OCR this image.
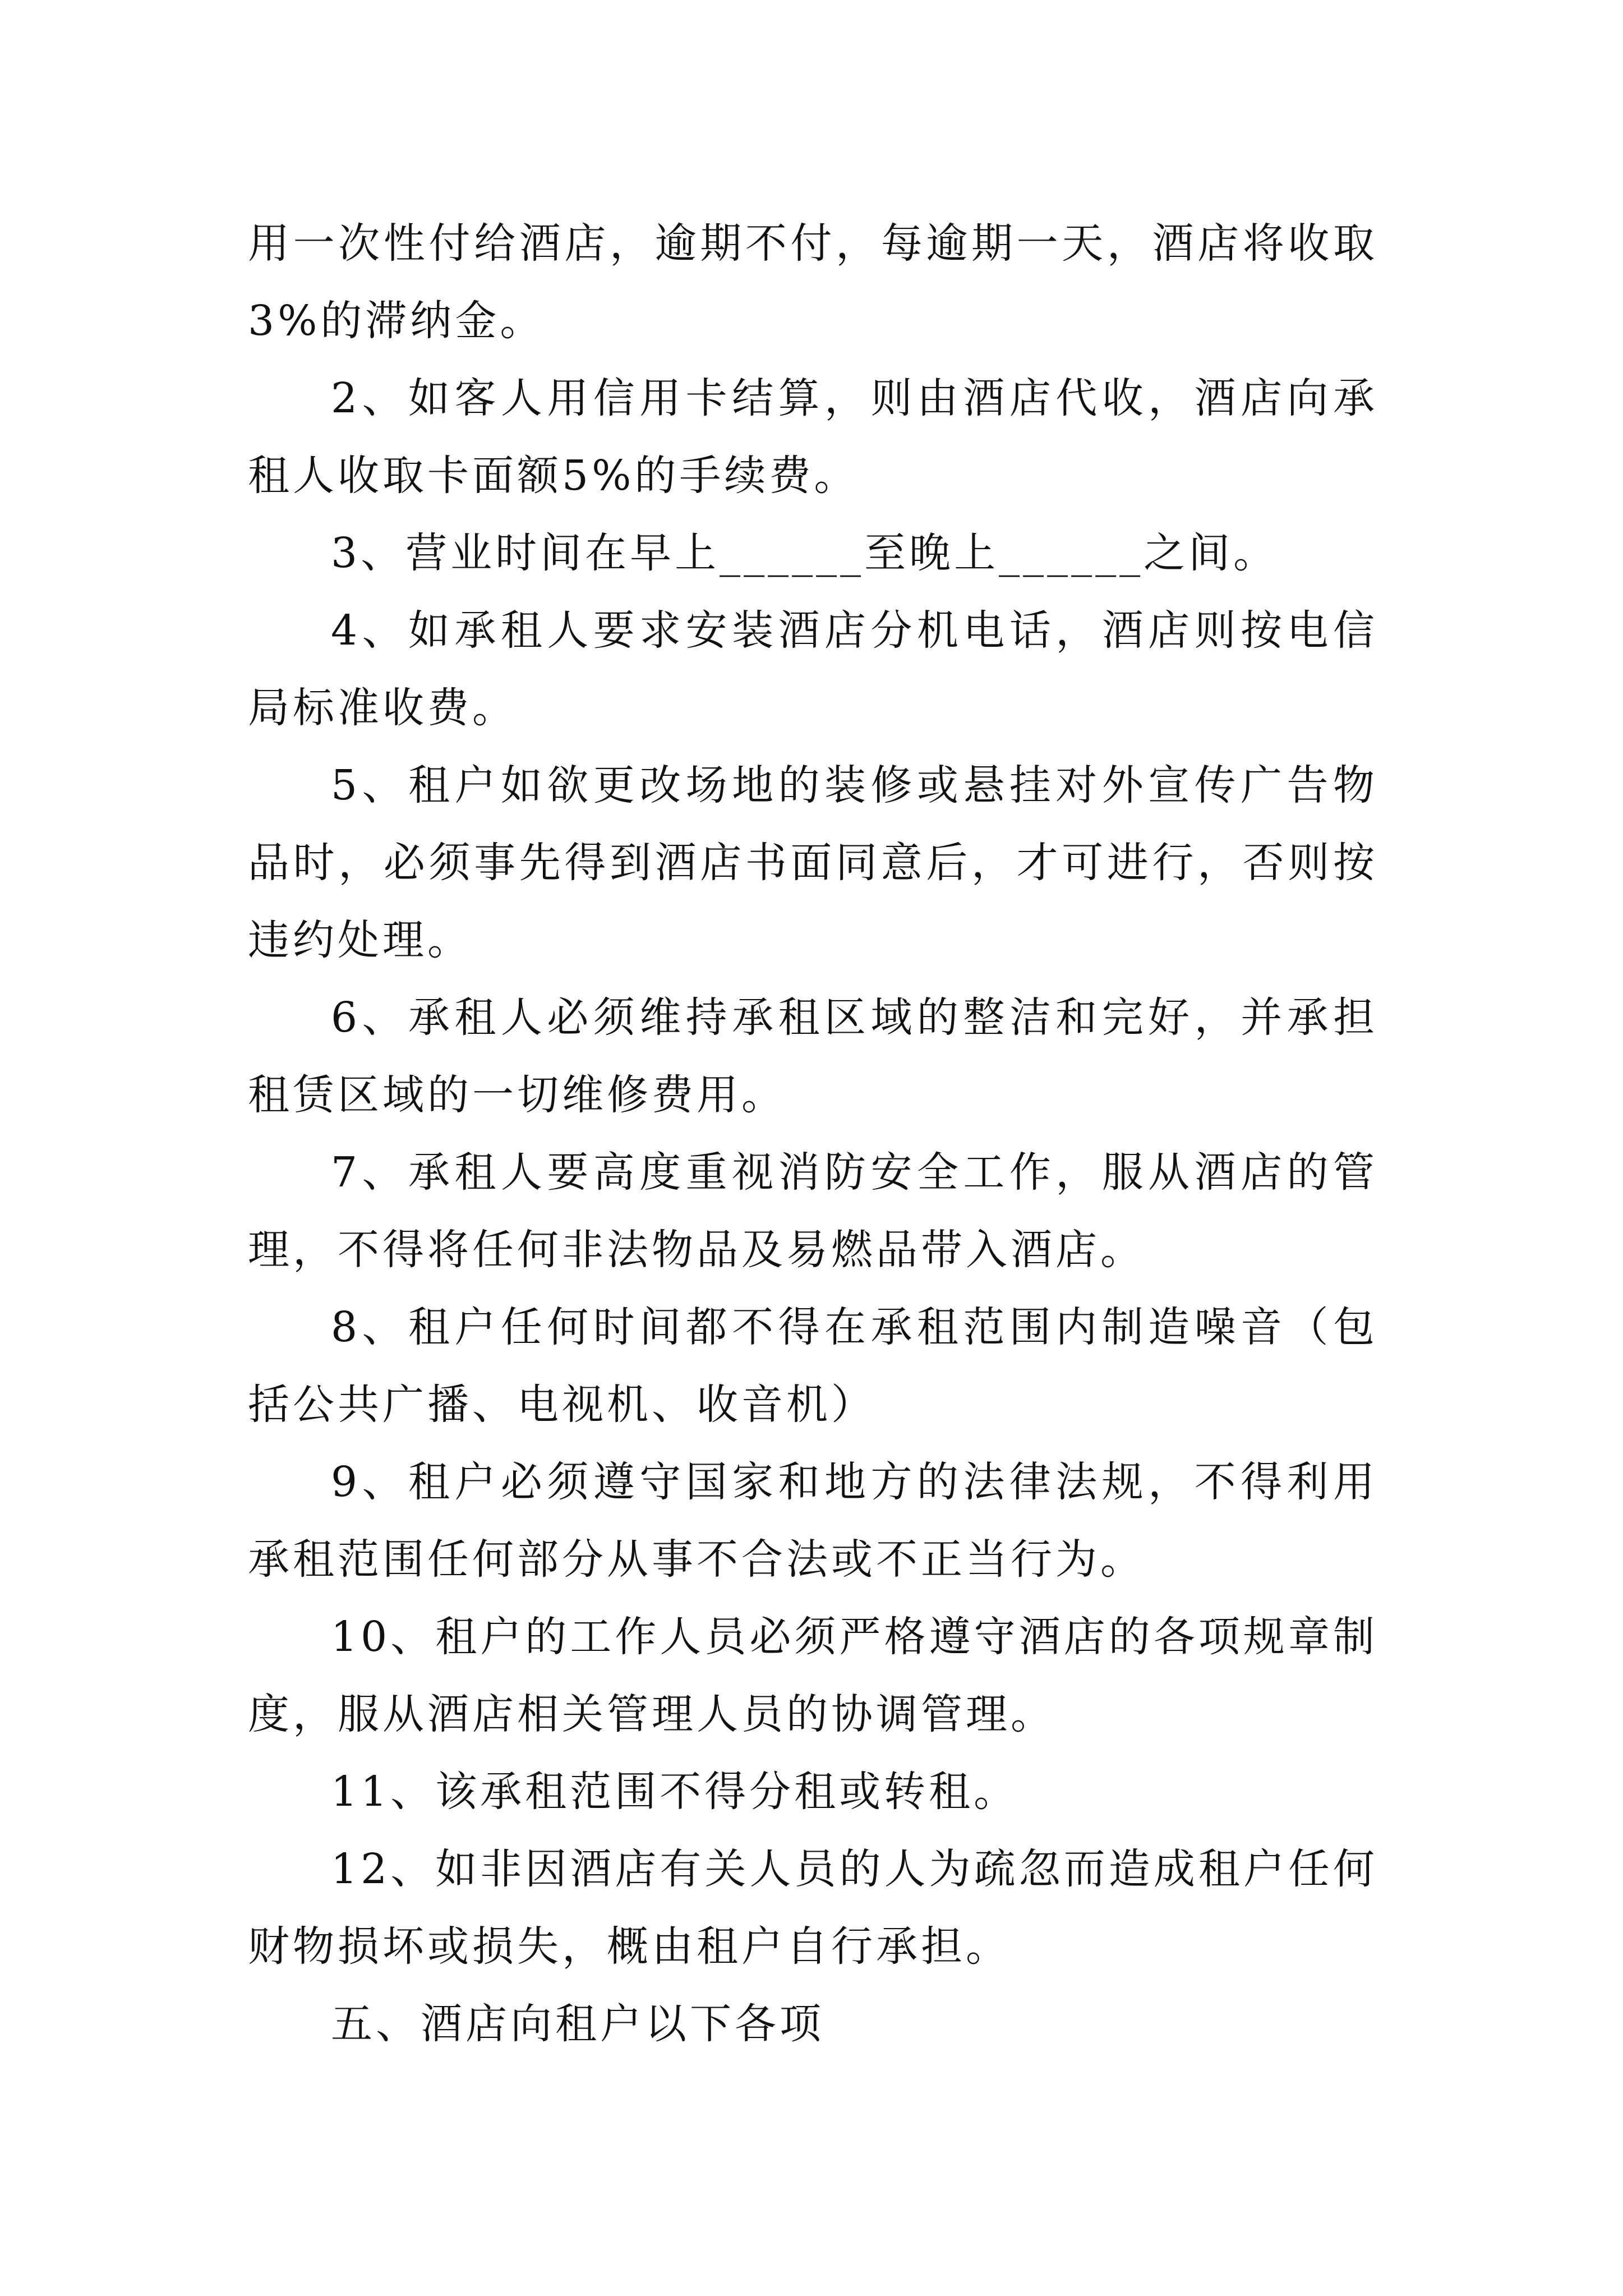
用一次性付给酒店，逾期不付，每逾期一天，酒店将收取3%的滞纳金。

2、如客人用信用卡结算，则由酒店代收，酒店向承租人收取卡面额5%的手续费。

3、营业时间在早上______至晚上______之间。

4、如承租人要求安装酒店分机电话，酒店则按电信局标准收费。

5、租户如欲更改场地的装修或悬挂对外宣传广告物品时，必须事先得到酒店书面同意后，才可进行，否则按违约处理。

6、承租人必须维持承租区域的整洁和完好，并承担租赁区域的一切维修费用。

7、承租人要高度重视消防安全工作，服从酒店的管理，不得将任何非法物品及易燃品带入酒店。

8、租户任何时间都不得在承租范围内制造噪音（包括公共广播、电视机、收音机）

9、租户必须遵守国家和地方的法律法规，不得利用承租范围任何部分从事不合法或不正当行为。

10、租户的工作人员必须严格遵守酒店的各项规章制度，服从酒店相关管理人员的协调管理。

11、该承租范围不得分租或转租。

12、如非因酒店有关人员的人为疏忽而造成租户任何财物损坏或损失，概由租户自行承担。

五、酒店向租户以下各项
